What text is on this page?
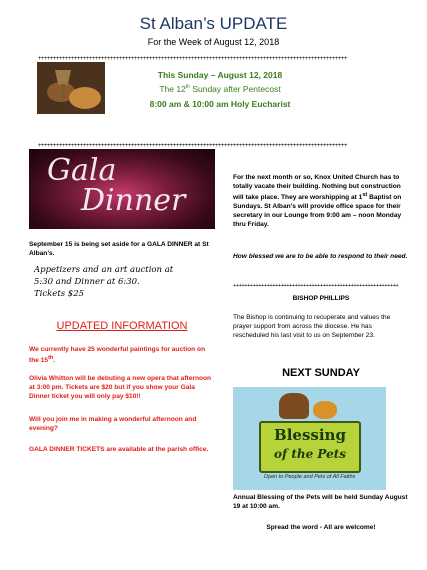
St Alban’s UPDATE
For the Week of August 12, 2018
+++++++++++++++++++++++++++++++++++++++++++++++++++++++++++++++++++++++++++++++++++++++++++++++++++++++
This Sunday – August 12, 2018
The 12th Sunday after Pentecost
8:00 am & 10:00 am Holy Eucharist
+++++++++++++++++++++++++++++++++++++++++++++++++++++++++++++++++++++++++++++++++++++++++++++++++++++++
Gala
Dinner
September 15 is being set aside for a GALA DINNER at St Alban’s.
Appetizers and an art auction at
5:30 and Dinner at 6:30.
Tickets $25
UPDATED INFORMATION
We currently have 25 wonderful paintings for auction on the 15th.
Olivia Whitton will be debuting a new opera that afternoon at 3:00 pm. Tickets are $20 but if you show your Gala Dinner ticket you will only pay $10!!
Will you join me in making a wonderful afternoon and evening?
GALA DINNER TICKETS are available at the parish office.
For the next month or so, Knox United Church has to totally vacate their building. Nothing but construction will take place. They are worshipping at 1st Baptist on Sundays. St Alban’s will provide office space for their secretary in our Lounge from 9:00 am – noon Monday thru Friday.
How blessed we are to be able to respond to their need.
+++++++++++++++++++++++++++++++++++++++++++++++++++++++++++
BISHOP PHILLIPS
The Bishop is continuing to recuperate and values the prayer support from across the diocese. He has rescheduled his last visit to us on September 23.
NEXT SUNDAY
Blessing
of the Pets
Open to People and Pets of All Faiths
Annual Blessing of the Pets will be held Sunday August 19 at 10:00 am.
Spread the word - All are welcome!
